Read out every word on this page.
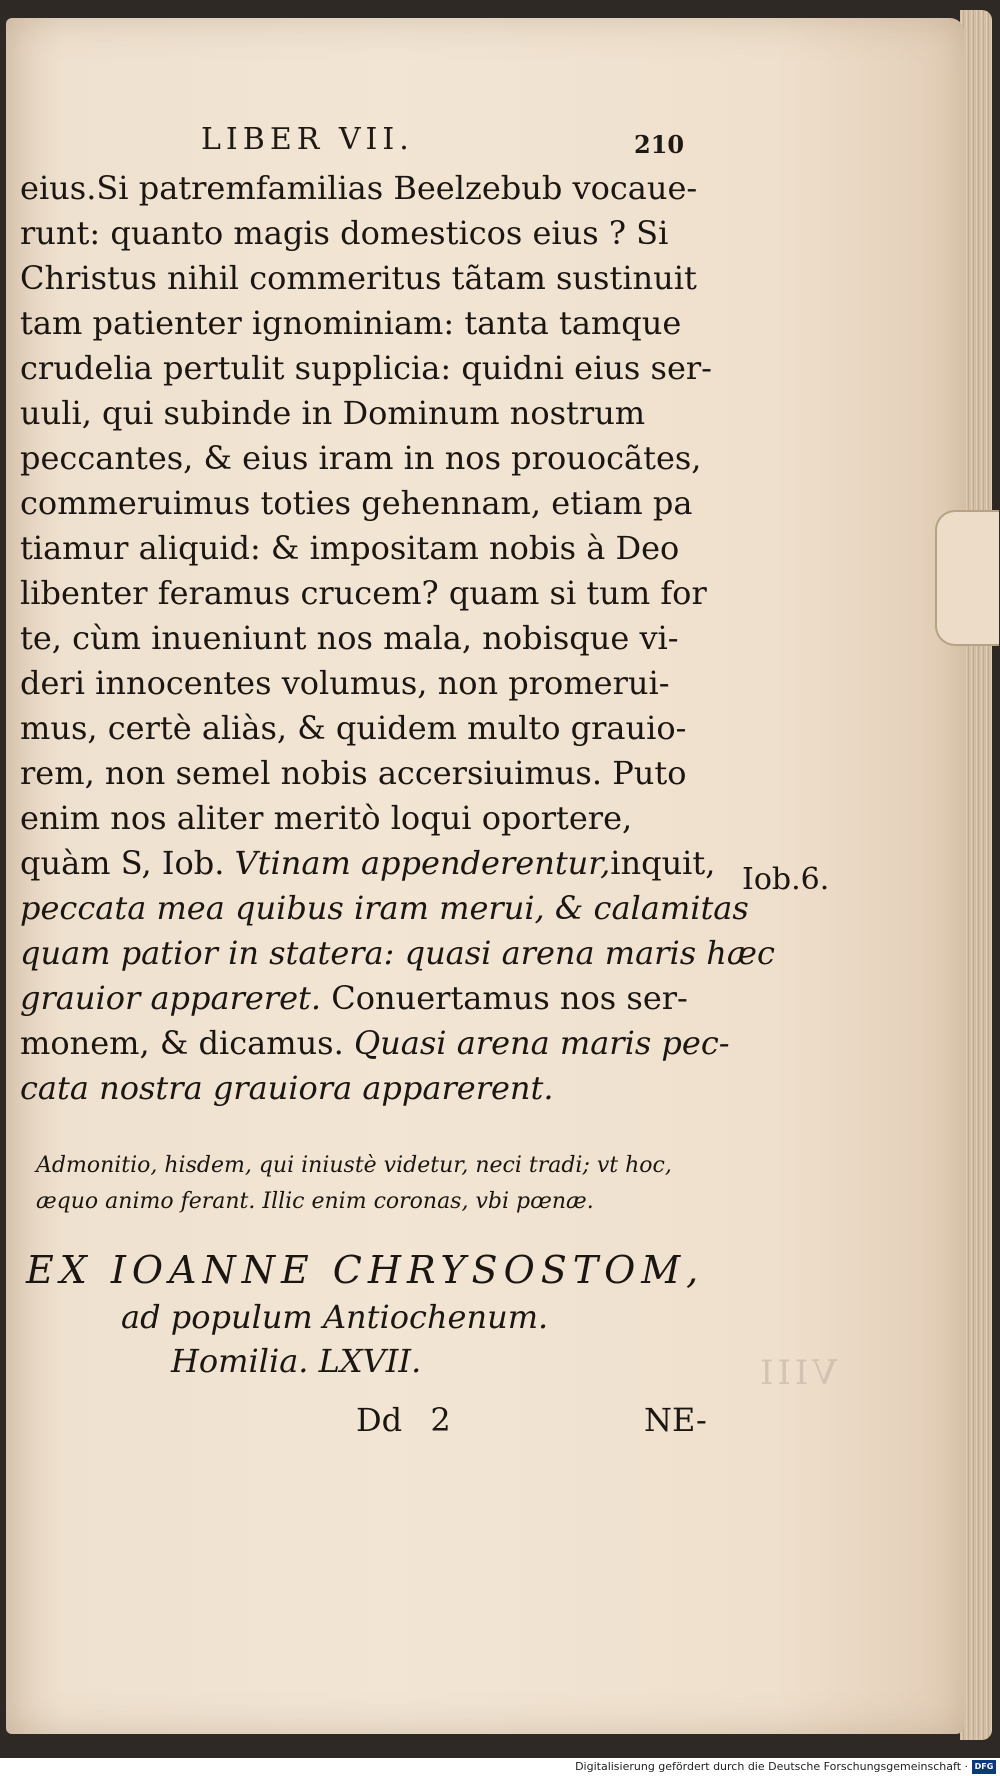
LIBER VII.	210
eius.Si patremfamilias Beelzebub vocaue-
runt: quanto magis domesticos eius ? Si
Christus nihil commeritus tãtam sustinuit
tam patienter ignominiam: tanta tamque
crudelia pertulit supplicia: quidni eius ser-
uuli, qui subinde in Dominum nostrum
peccantes, & eius iram in nos prouocãtes,
commeruimus toties gehennam, etiam pa
tiamur aliquid: & impositam nobis à Deo
libenter feramus crucem? quam si tum for
te, cùm inueniunt nos mala, nobisque vi-
deri innocentes volumus, non promerui-
mus, certè aliàs, & quidem multo grauio-
rem, non semel nobis accersiuimus. Puto
enim nos aliter meritò loqui oportere,
quàm S, Iob. Vtinam appenderentur,inquit,
peccata mea quibus iram merui, & calamitas
quam patior in statera: quasi arena maris hæc
grauior appareret. Conuertamus nos ser-
monem, & dicamus. Quasi arena maris pec-
cata nostra grauiora apparerent.
Iob.6.
Admonitio, hisdem, qui iniustè videtur, neci tradi; vt hoc,
æquo animo ferant. Illic enim coronas, vbi pœnæ.
EX IOANNE CHRYSOSTOM,
ad populum Antiochenum.
Homilia. LXVII.	VIII
Dd 2	NE-
Digitalisierung gefördert durch die Deutsche Forschungsgemeinschaft · DFG
